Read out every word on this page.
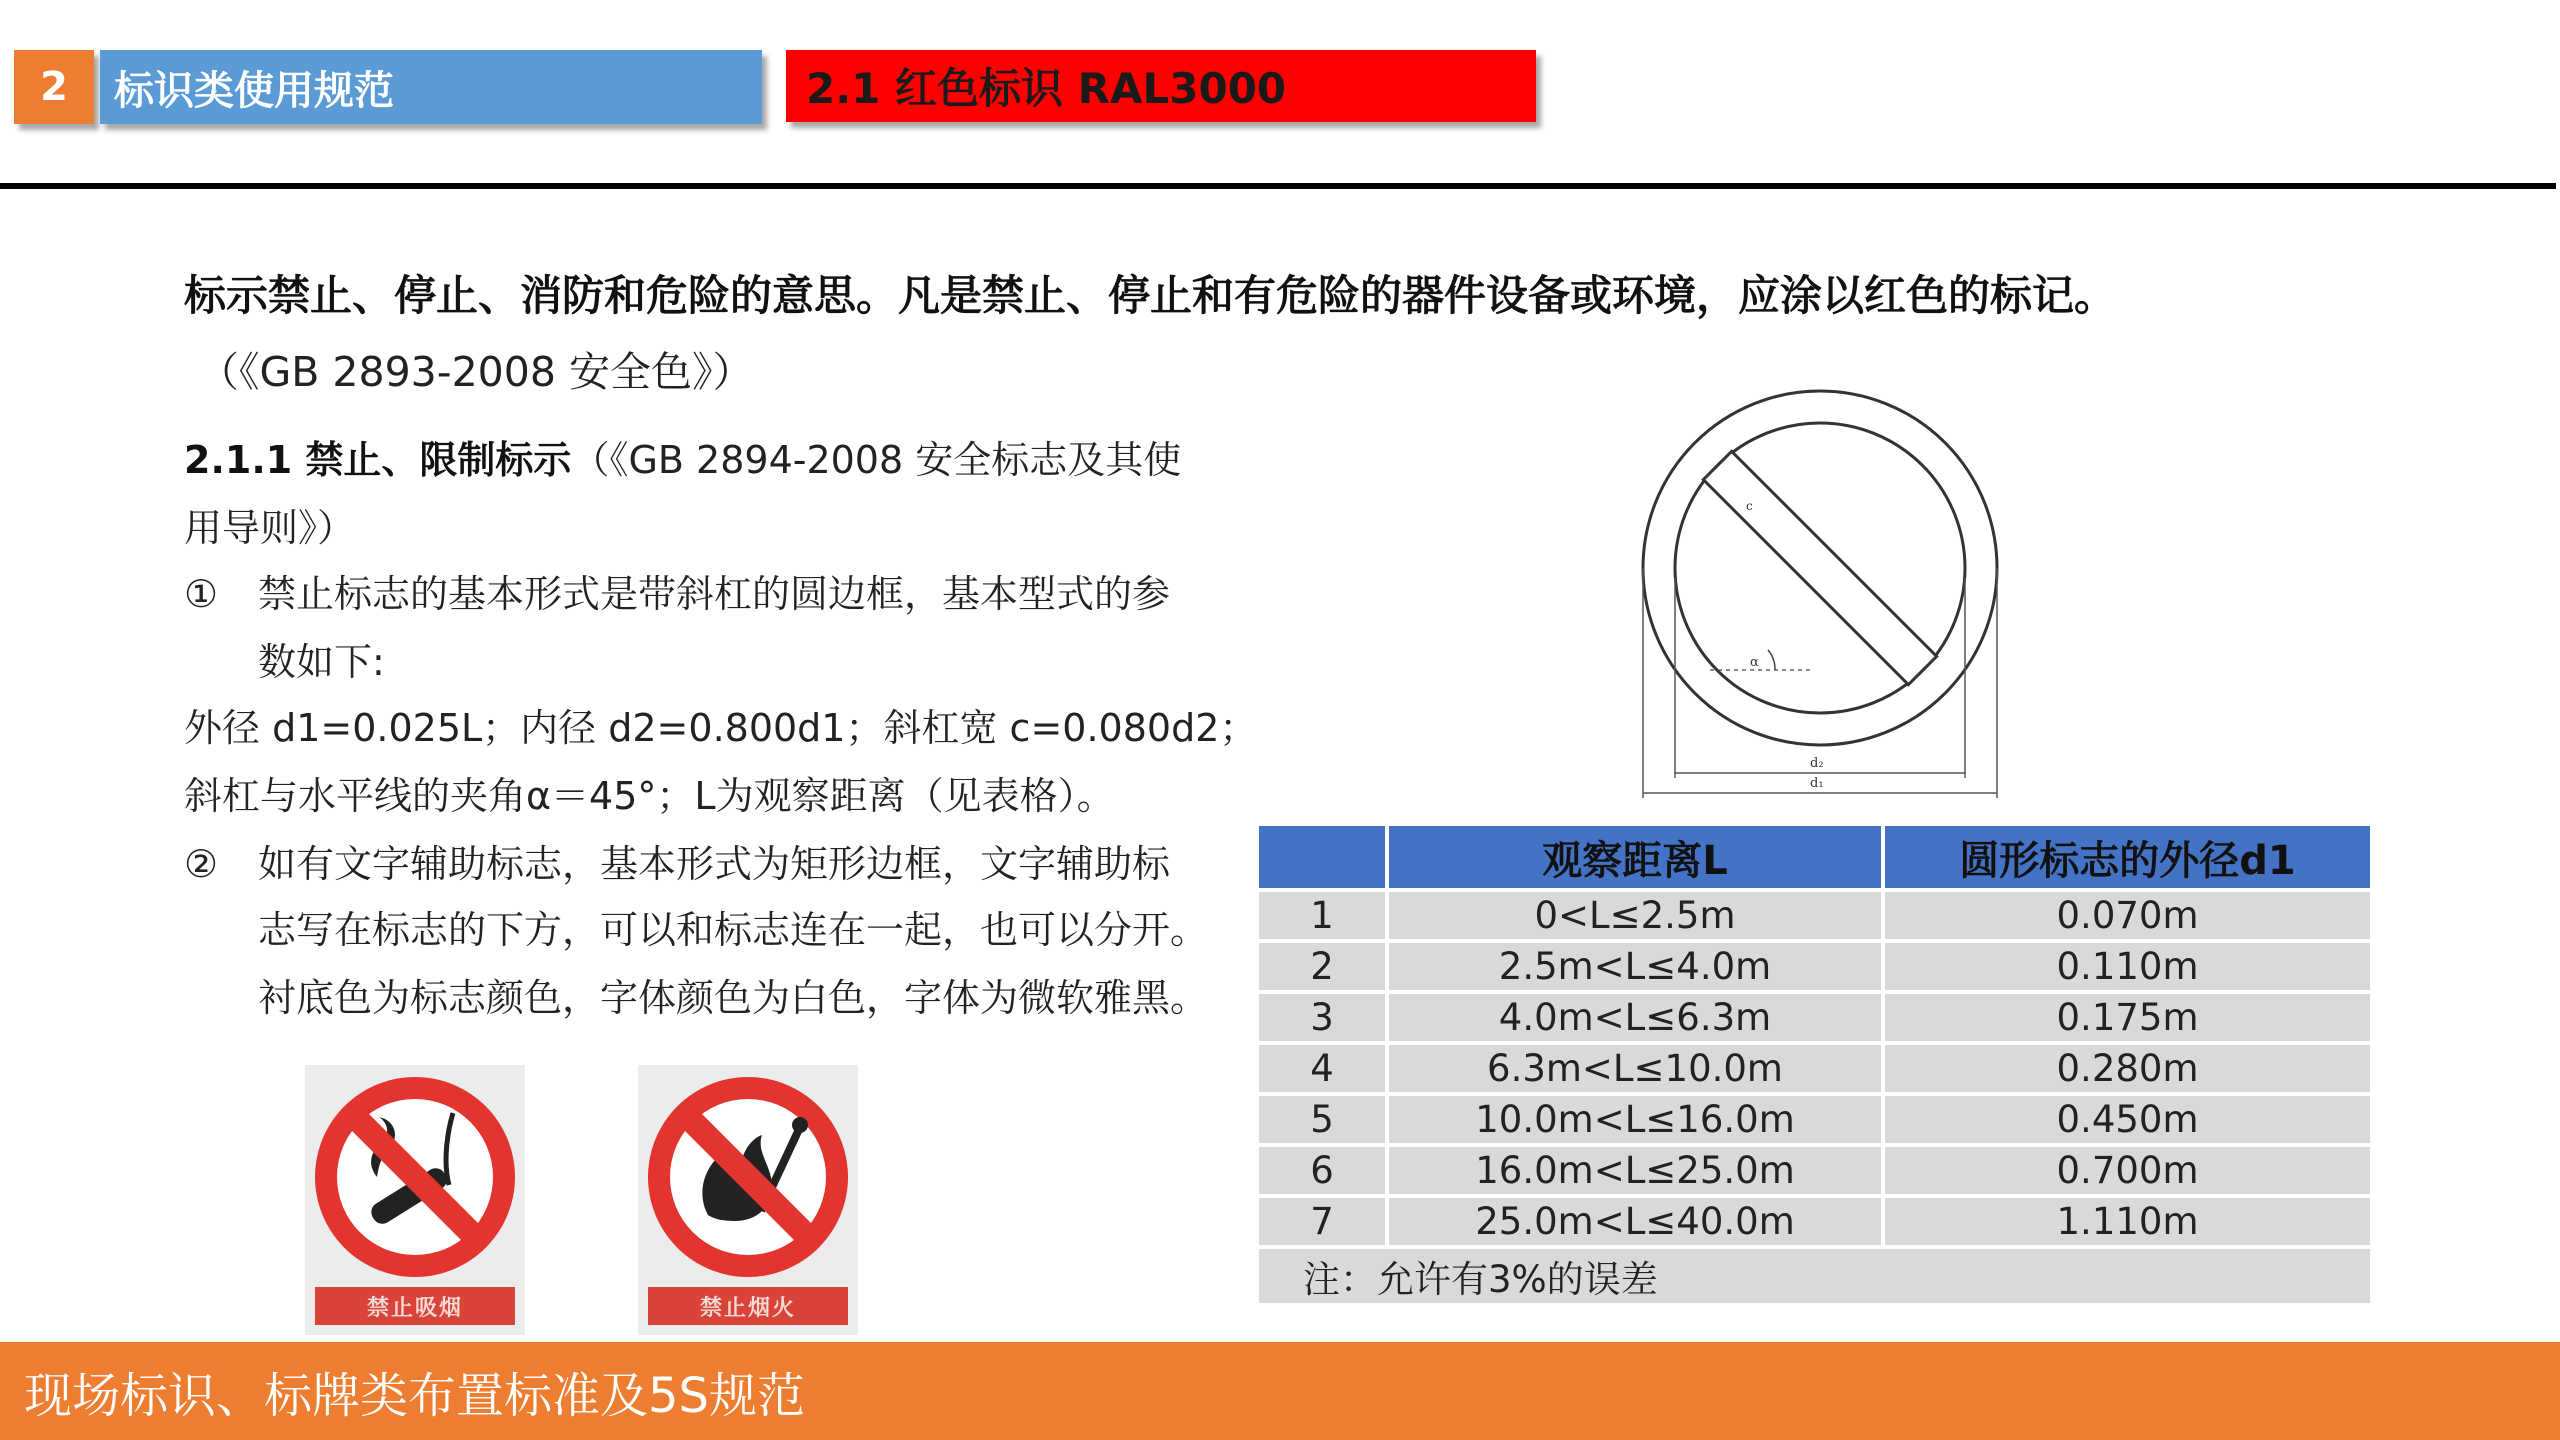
2	标识类使用规范	2.1 红色标识 RAL3000
标示禁止、停止、消防和危险的意思。凡是禁止、停止和有危险的器件设备或环境，应涂以红色的标记。
（《GB 2893-2008 安全色》）
2.1.1 禁止、限制标示（《GB 2894-2008 安全标志及其使
用导则》）
① 禁止标志的基本形式是带斜杠的圆边框，基本型式的参
数如下:
外径 d1=0.025L；内径 d2=0.800d1；斜杠宽 c=0.080d2；
斜杠与水平线的夹角α＝45°；L为观察距离（见表格）。
② 如有文字辅助标志，基本形式为矩形边框，文字辅助标
志写在标志的下方，可以和标志连在一起，也可以分开。
衬底色为标志颜色，字体颜色为白色，字体为微软雅黑。
α
c
d₂
d₁
	观察距离L	圆形标志的外径d1
1	0<L≤2.5m	0.070m
2	2.5m<L≤4.0m	0.110m
3	4.0m<L≤6.3m	0.175m
4	6.3m<L≤10.0m	0.280m
5	10.0m<L≤16.0m	0.450m
6	16.0m<L≤25.0m	0.700m
7	25.0m<L≤40.0m	1.110m
注：允许有3%的误差		
禁止吸烟	禁止烟火
现场标识、标牌类布置标准及5S规范
